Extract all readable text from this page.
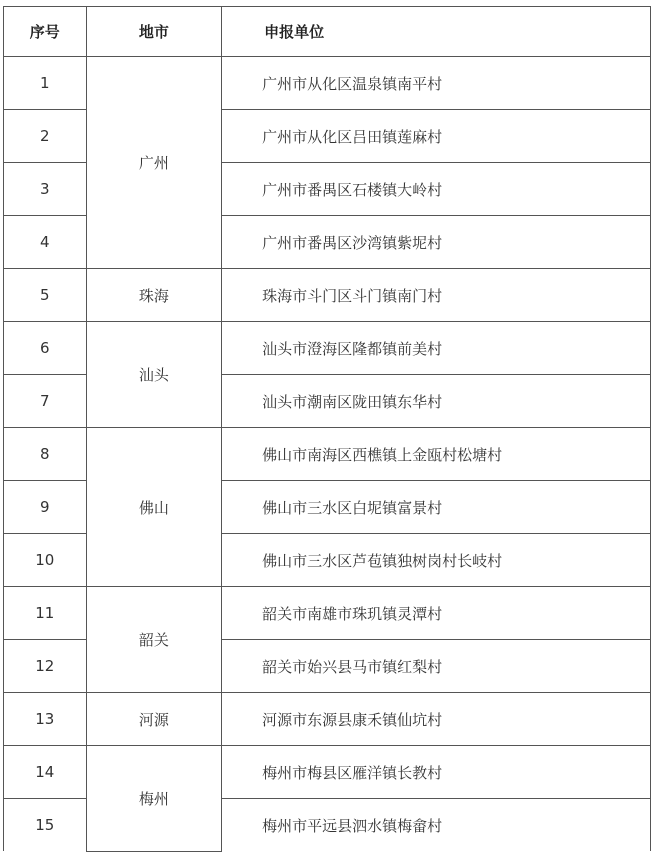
序号	地市	申报单位
1	广州	广州市从化区温泉镇南平村
2		广州市从化区吕田镇莲麻村
3		广州市番禺区石楼镇大岭村
4		广州市番禺区沙湾镇紫坭村
5	珠海	珠海市斗门区斗门镇南门村
6	汕头	汕头市澄海区隆都镇前美村
7		汕头市潮南区陇田镇东华村
8	佛山	佛山市南海区西樵镇上金瓯村松塘村
9		佛山市三水区白坭镇富景村
10		佛山市三水区芦苞镇独树岗村长岐村
11	韶关	韶关市南雄市珠玑镇灵潭村
12		韶关市始兴县马市镇红梨村
13	河源	河源市东源县康禾镇仙坑村
14	梅州	梅州市梅县区雁洋镇长教村
15		梅州市平远县泗水镇梅畲村
